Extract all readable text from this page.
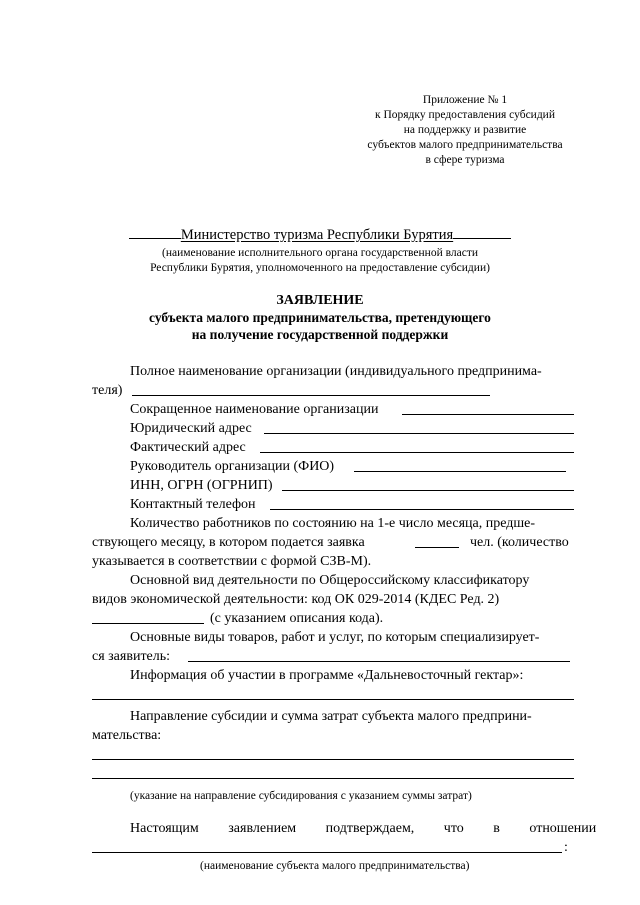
Приложение № 1
к Порядку предоставления субсидий
на поддержку и развитие
субъектов малого предпринимательства
в сфере туризма
Министерство туризма Республики Бурятия
(наименование исполнительного органа государственной власти
Республики Бурятия, уполномоченного на предоставление субсидии)
ЗАЯВЛЕНИЕ
субъекта малого предпринимательства, претендующего
на получение государственной поддержки
Полное наименование организации (индивидуального предпринима-
теля)
Сокращенное наименование организации
Юридический адрес
Фактический адрес
Руководитель организации (ФИО)
ИНН, ОГРН (ОГРНИП)
Контактный телефон
Количество работников по состоянию на 1-е число месяца, предше-
ствующего месяцу, в котором подается заявка	чел. (количество
указывается в соответствии с формой СЗВ-М).
Основной вид деятельности по Общероссийскому классификатору
видов экономической деятельности: код ОК 029-2014 (КДЕС Ред. 2)
(с указанием описания кода).
Основные виды товаров, работ и услуг, по которым специализирует-
ся заявитель:
Информация об участии в программе «Дальневосточный гектар»:
Направление субсидии и сумма затрат субъекта малого предприни-
мательства:
(указание на направление субсидирования с указанием суммы затрат)
Настоящим заявлением подтверждаем, что в отношении
:
(наименование субъекта малого предпринимательства)
